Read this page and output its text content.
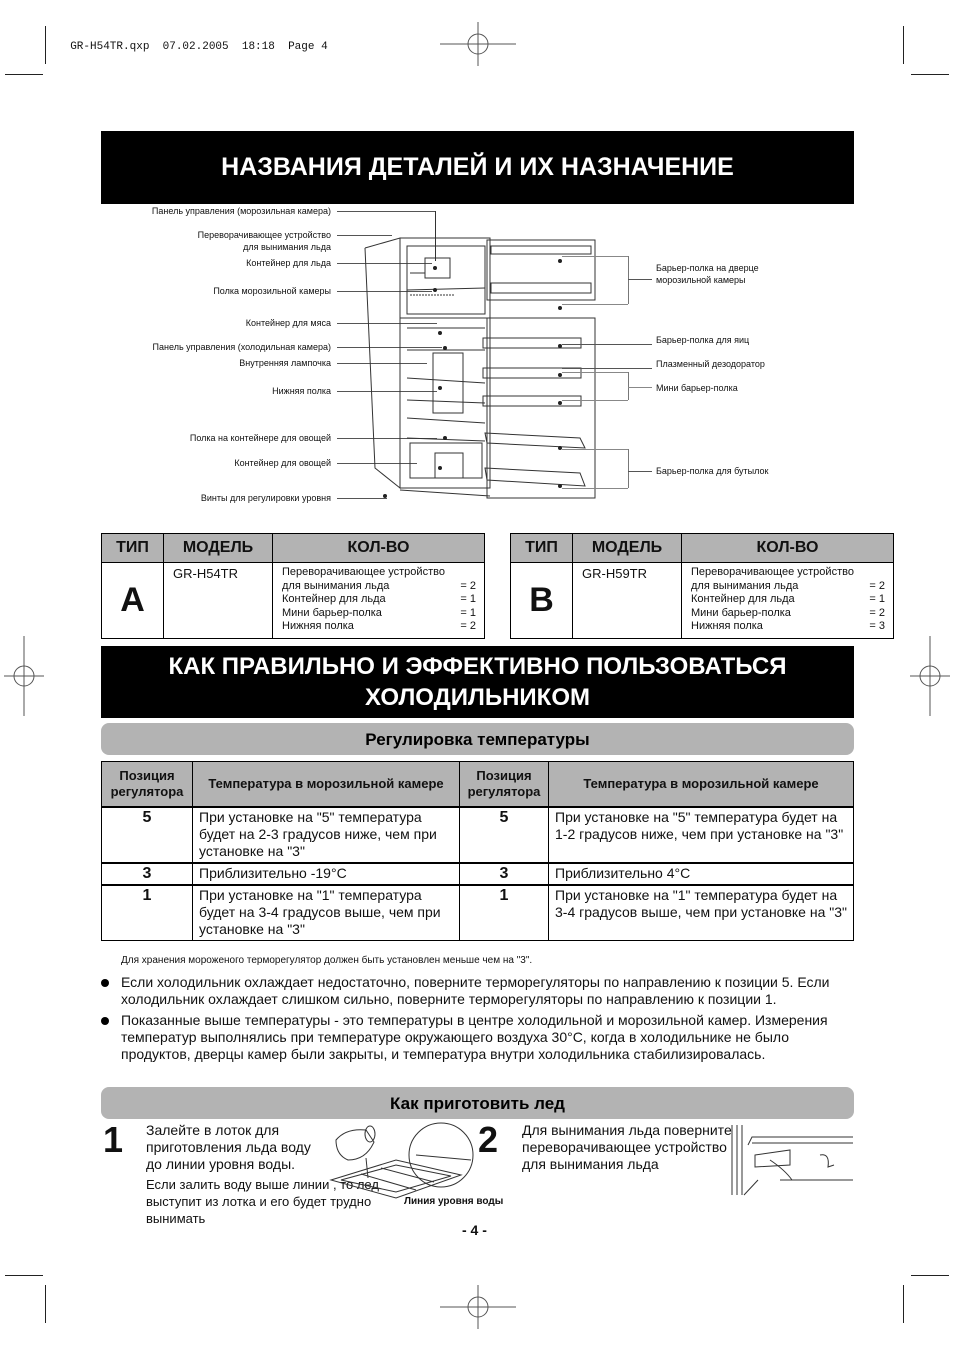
GR-H54TR.qxp 07.02.2005 18:18 Page 4

НАЗВАНИЯ ДЕТАЛЕЙ И ИХ НАЗНАЧЕНИЕ
Панель управления (морозильная камера)
Переворачивающее устройство
для вынимания льда
Контейнер для льда
Полка морозильной камеры
Контейнер для мяса
Панель управления (холодильная камера)
Внутренняя лампочка
Нижняя полка
Полка на контейнере для овощей
Контейнер для овощей
Винты для регулировки уровня
Барьер-полка на дверце
морозильной камеры
Барьер-полка для яиц
Плазменный дезодоратор
Мини барьер-полка
Барьер-полка для бутылок
ТИП	МОДЕЛЬ	КОЛ-ВО
A	GR-H54TR	Переворачивающее устройство
для вынимания льда	= 2
Контейнер для льда	= 1
Мини барьер-полка	= 1
Нижняя полка	= 2
ТИП	МОДЕЛЬ	КОЛ-ВО
B	GR-H59TR	Переворачивающее устройство
для вынимания льда	= 2
Контейнер для льда	= 1
Мини барьер-полка	= 2
Нижняя полка	= 3
КАК ПРАВИЛЬНО И ЭФФЕКТИВНО ПОЛЬЗОВАТЬСЯ
ХОЛОДИЛЬНИКОМ
Регулировка температуры
Позиция регулятора	Температура в морозильной камере	Позиция регулятора	Температура в морозильной камере
5	При установке на "5" температура будет на 2-3 градусов ниже, чем при установке на "3"	5	При установке на "5" температура будет на 1-2 градусов ниже, чем при установке на "3"
3	Приблизительно -19°C	3	Приблизительно 4°C
1	При установке на "1" температура будет на 3-4 градусов выше, чем при установке на "3"	1	При установке на "1" температура будет на 3-4 градусов выше, чем при установке на "3"
Для хранения мороженого терморегулятор должен быть установлен меньше чем на "3".
Если холодильник охлаждает недостаточно, поверните терморегуляторы по направлению к позиции 5. Если холодильник охлаждает слишком сильно, поверните терморегуляторы по направлению к позиции 1.
Показанные выше температуры - это температуры в центре холодильной и морозильной камер. Измерения температур выполнялись при температуре окружающего воздуха 30°C, когда в холодильнике не было продуктов, дверцы камер были закрыты, и температура внутри холодильника стабилизировалась.
Как приготовить лед
1 Залейте в лоток для приготовления льда воду до линии уровня воды.
Если залить воду выше линии , то лед выступит из лотка и его будет трудно вынимать
Линия уровня воды
2 Для вынимания льда поверните переворачивающее устройство для вынимания льда
- 4 -
